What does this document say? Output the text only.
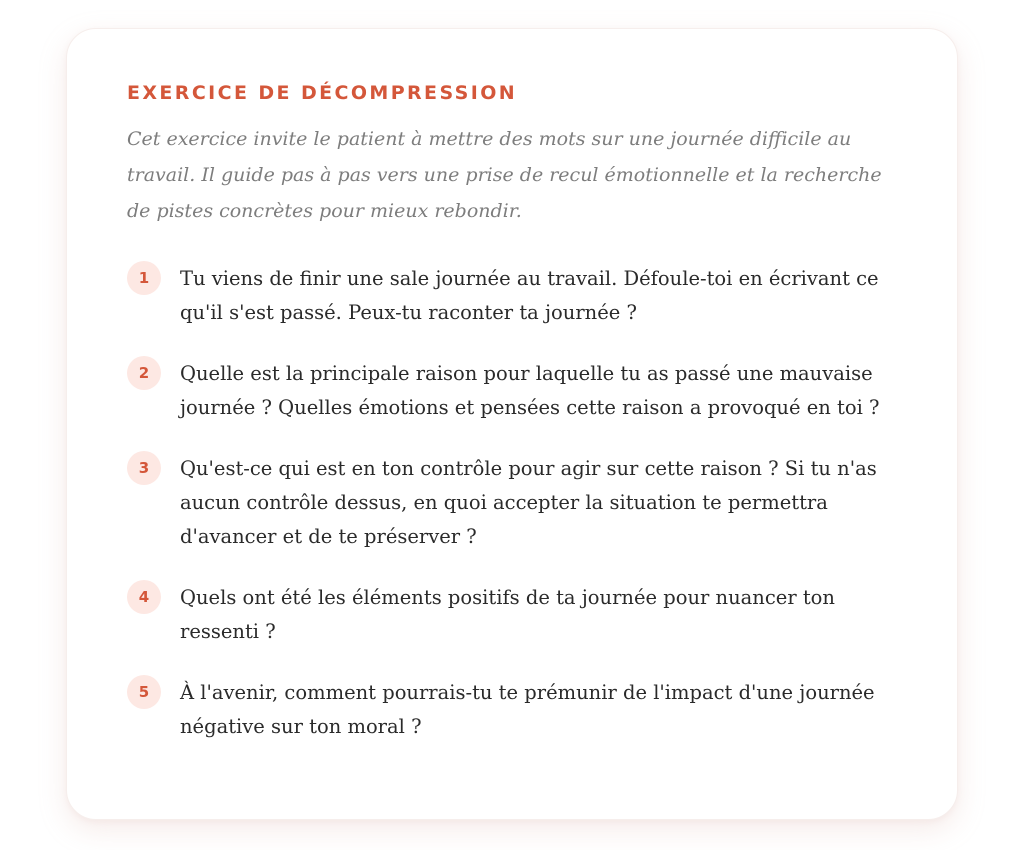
EXERCICE DE DÉCOMPRESSION

Cet exercice invite le patient à mettre des mots sur une journée difficile au travail. Il guide pas à pas vers une prise de recul émotionnelle et la recherche de pistes concrètes pour mieux rebondir.

1	Tu viens de finir une sale journée au travail. Défoule-toi en écrivant ce qu'il s'est passé. Peux-tu raconter ta journée ?
2	Quelle est la principale raison pour laquelle tu as passé une mauvaise journée ? Quelles émotions et pensées cette raison a provoqué en toi ?
3	Qu'est-ce qui est en ton contrôle pour agir sur cette raison ? Si tu n'as aucun contrôle dessus, en quoi accepter la situation te permettra d'avancer et de te préserver ?
4	Quels ont été les éléments positifs de ta journée pour nuancer ton ressenti ?
5	À l'avenir, comment pourrais-tu te prémunir de l'impact d'une journée négative sur ton moral ?
